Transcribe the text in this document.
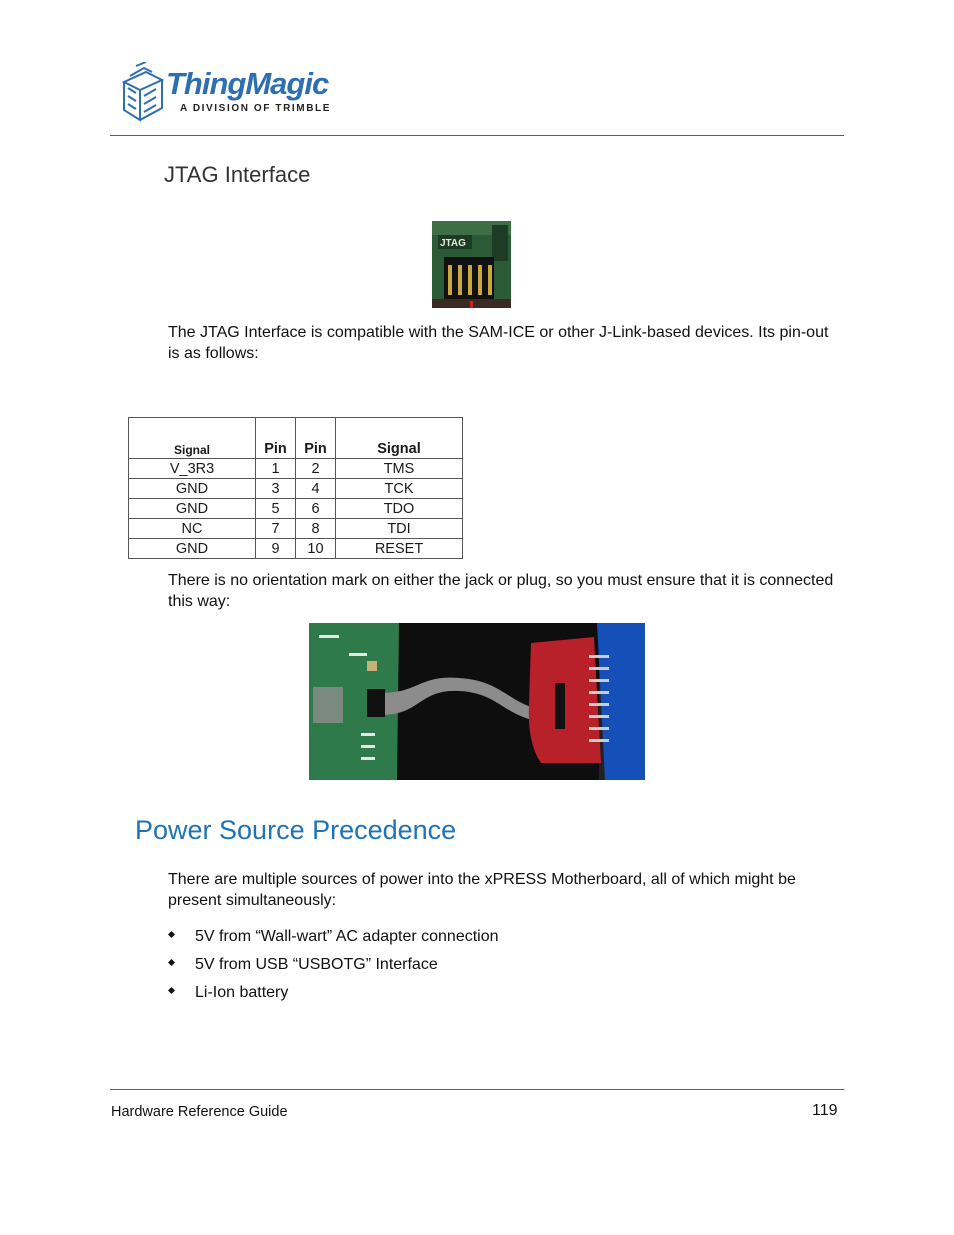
ThingMagic
A DIVISION OF TRIMBLE
JTAG Interface
JTAG
The JTAG Interface is compatible with the SAM-ICE or other J-Link-based devices. Its pin-out is as follows:
Signal	Pin	Pin	Signal
V_3R3	1	2	TMS
GND	3	4	TCK
GND	5	6	TDO
NC	7	8	TDI
GND	9	10	RESET
There is no orientation mark on either the jack or plug, so you must ensure that it is connected this way:
Power Source Precedence
There are multiple sources of power into the xPRESS Motherboard, all of which might be present simultaneously:
5V from “Wall-wart” AC adapter connection
5V from USB “USBOTG” Interface
Li-Ion battery
Hardware Reference Guide	119
